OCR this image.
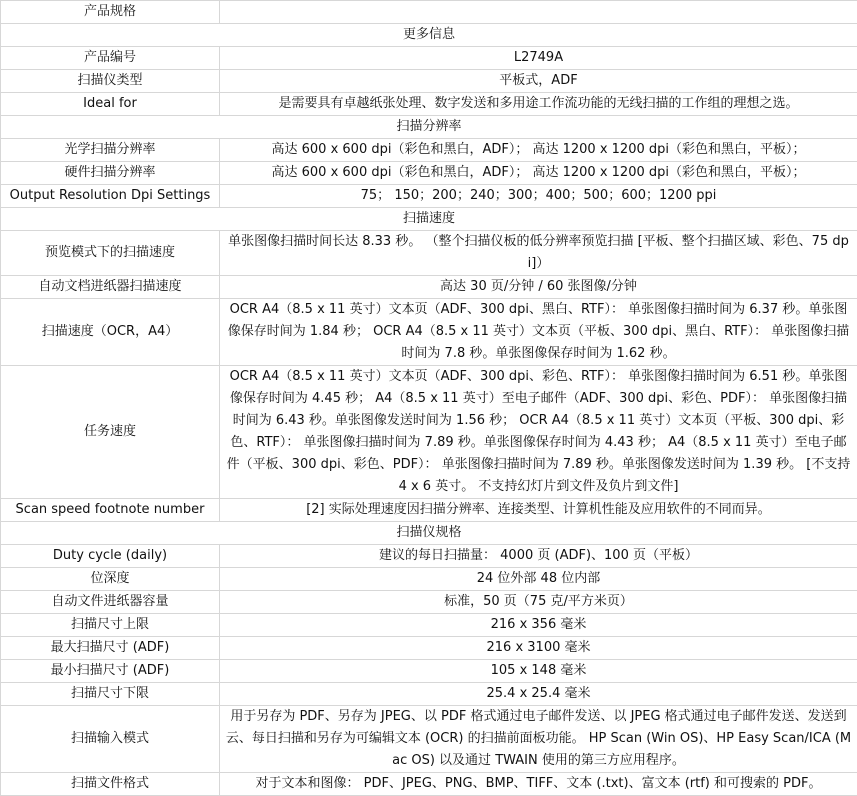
产品规格	
更多信息	
产品编号	L2749A
扫描仪类型	平板式，ADF
Ideal for	是需要具有卓越纸张处理、数字发送和多用途工作流功能的无线扫描的工作组的理想之选。
扫描分辨率	
光学扫描分辨率	高达 600 x 600 dpi（彩色和黑白，ADF）； 高达 1200 x 1200 dpi（彩色和黑白，平板）；
硬件扫描分辨率	高达 600 x 600 dpi（彩色和黑白，ADF）； 高达 1200 x 1200 dpi（彩色和黑白，平板）；
Output Resolution Dpi Settings	75； 150；200；240；300；400；500；600；1200 ppi
扫描速度	
预览模式下的扫描速度	单张图像扫描时间长达 8.33 秒。 （整个扫描仪板的低分辨率预览扫描 [平板、整个扫描区域、彩色、75 dpi]）
自动文档进纸器扫描速度	高达 30 页/分钟 / 60 张图像/分钟
扫描速度（OCR，A4）	OCR A4（8.5 x 11 英寸）文本页（ADF、300 dpi、黑白、RTF）： 单张图像扫描时间为 6.37 秒。单张图像保存时间为 1.84 秒； OCR A4（8.5 x 11 英寸）文本页（平板、300 dpi、黑白、RTF）： 单张图像扫描时间为 7.8 秒。单张图像保存时间为 1.62 秒。
任务速度	OCR A4（8.5 x 11 英寸）文本页（ADF、300 dpi、彩色、RTF）： 单张图像扫描时间为 6.51 秒。单张图像保存时间为 4.45 秒； A4（8.5 x 11 英寸）至电子邮件（ADF、300 dpi、彩色、PDF）： 单张图像扫描时间为 6.43 秒。单张图像发送时间为 1.56 秒； OCR A4（8.5 x 11 英寸）文本页（平板、300 dpi、彩色、RTF）： 单张图像扫描时间为 7.89 秒。单张图像保存时间为 4.43 秒； A4（8.5 x 11 英寸）至电子邮件（平板、300 dpi、彩色、PDF）： 单张图像扫描时间为 7.89 秒。单张图像发送时间为 1.39 秒。 [不支持 4 x 6 英寸。 不支持幻灯片到文件及负片到文件]
Scan speed footnote number	[2] 实际处理速度因扫描分辨率、连接类型、计算机性能及应用软件的不同而异。
扫描仪规格	
Duty cycle (daily)	建议的每日扫描量： 4000 页 (ADF)、100 页（平板）
位深度	24 位外部 48 位内部
自动文件进纸器容量	标准，50 页（75 克/平方米页）
扫描尺寸上限	216 x 356 毫米
最大扫描尺寸 (ADF)	216 x 3100 毫米
最小扫描尺寸 (ADF)	105 x 148 毫米
扫描尺寸下限	25.4 x 25.4 毫米
扫描输入模式	用于另存为 PDF、另存为 JPEG、以 PDF 格式通过电子邮件发送、以 JPEG 格式通过电子邮件发送、发送到云、每日扫描和另存为可编辑文本 (OCR) 的扫描前面板功能。 HP Scan (Win OS)、HP Easy Scan/ICA (Mac OS) 以及通过 TWAIN 使用的第三方应用程序。
扫描文件格式	对于文本和图像： PDF、JPEG、PNG、BMP、TIFF、文本 (.txt)、富文本 (rtf) 和可搜索的 PDF。
